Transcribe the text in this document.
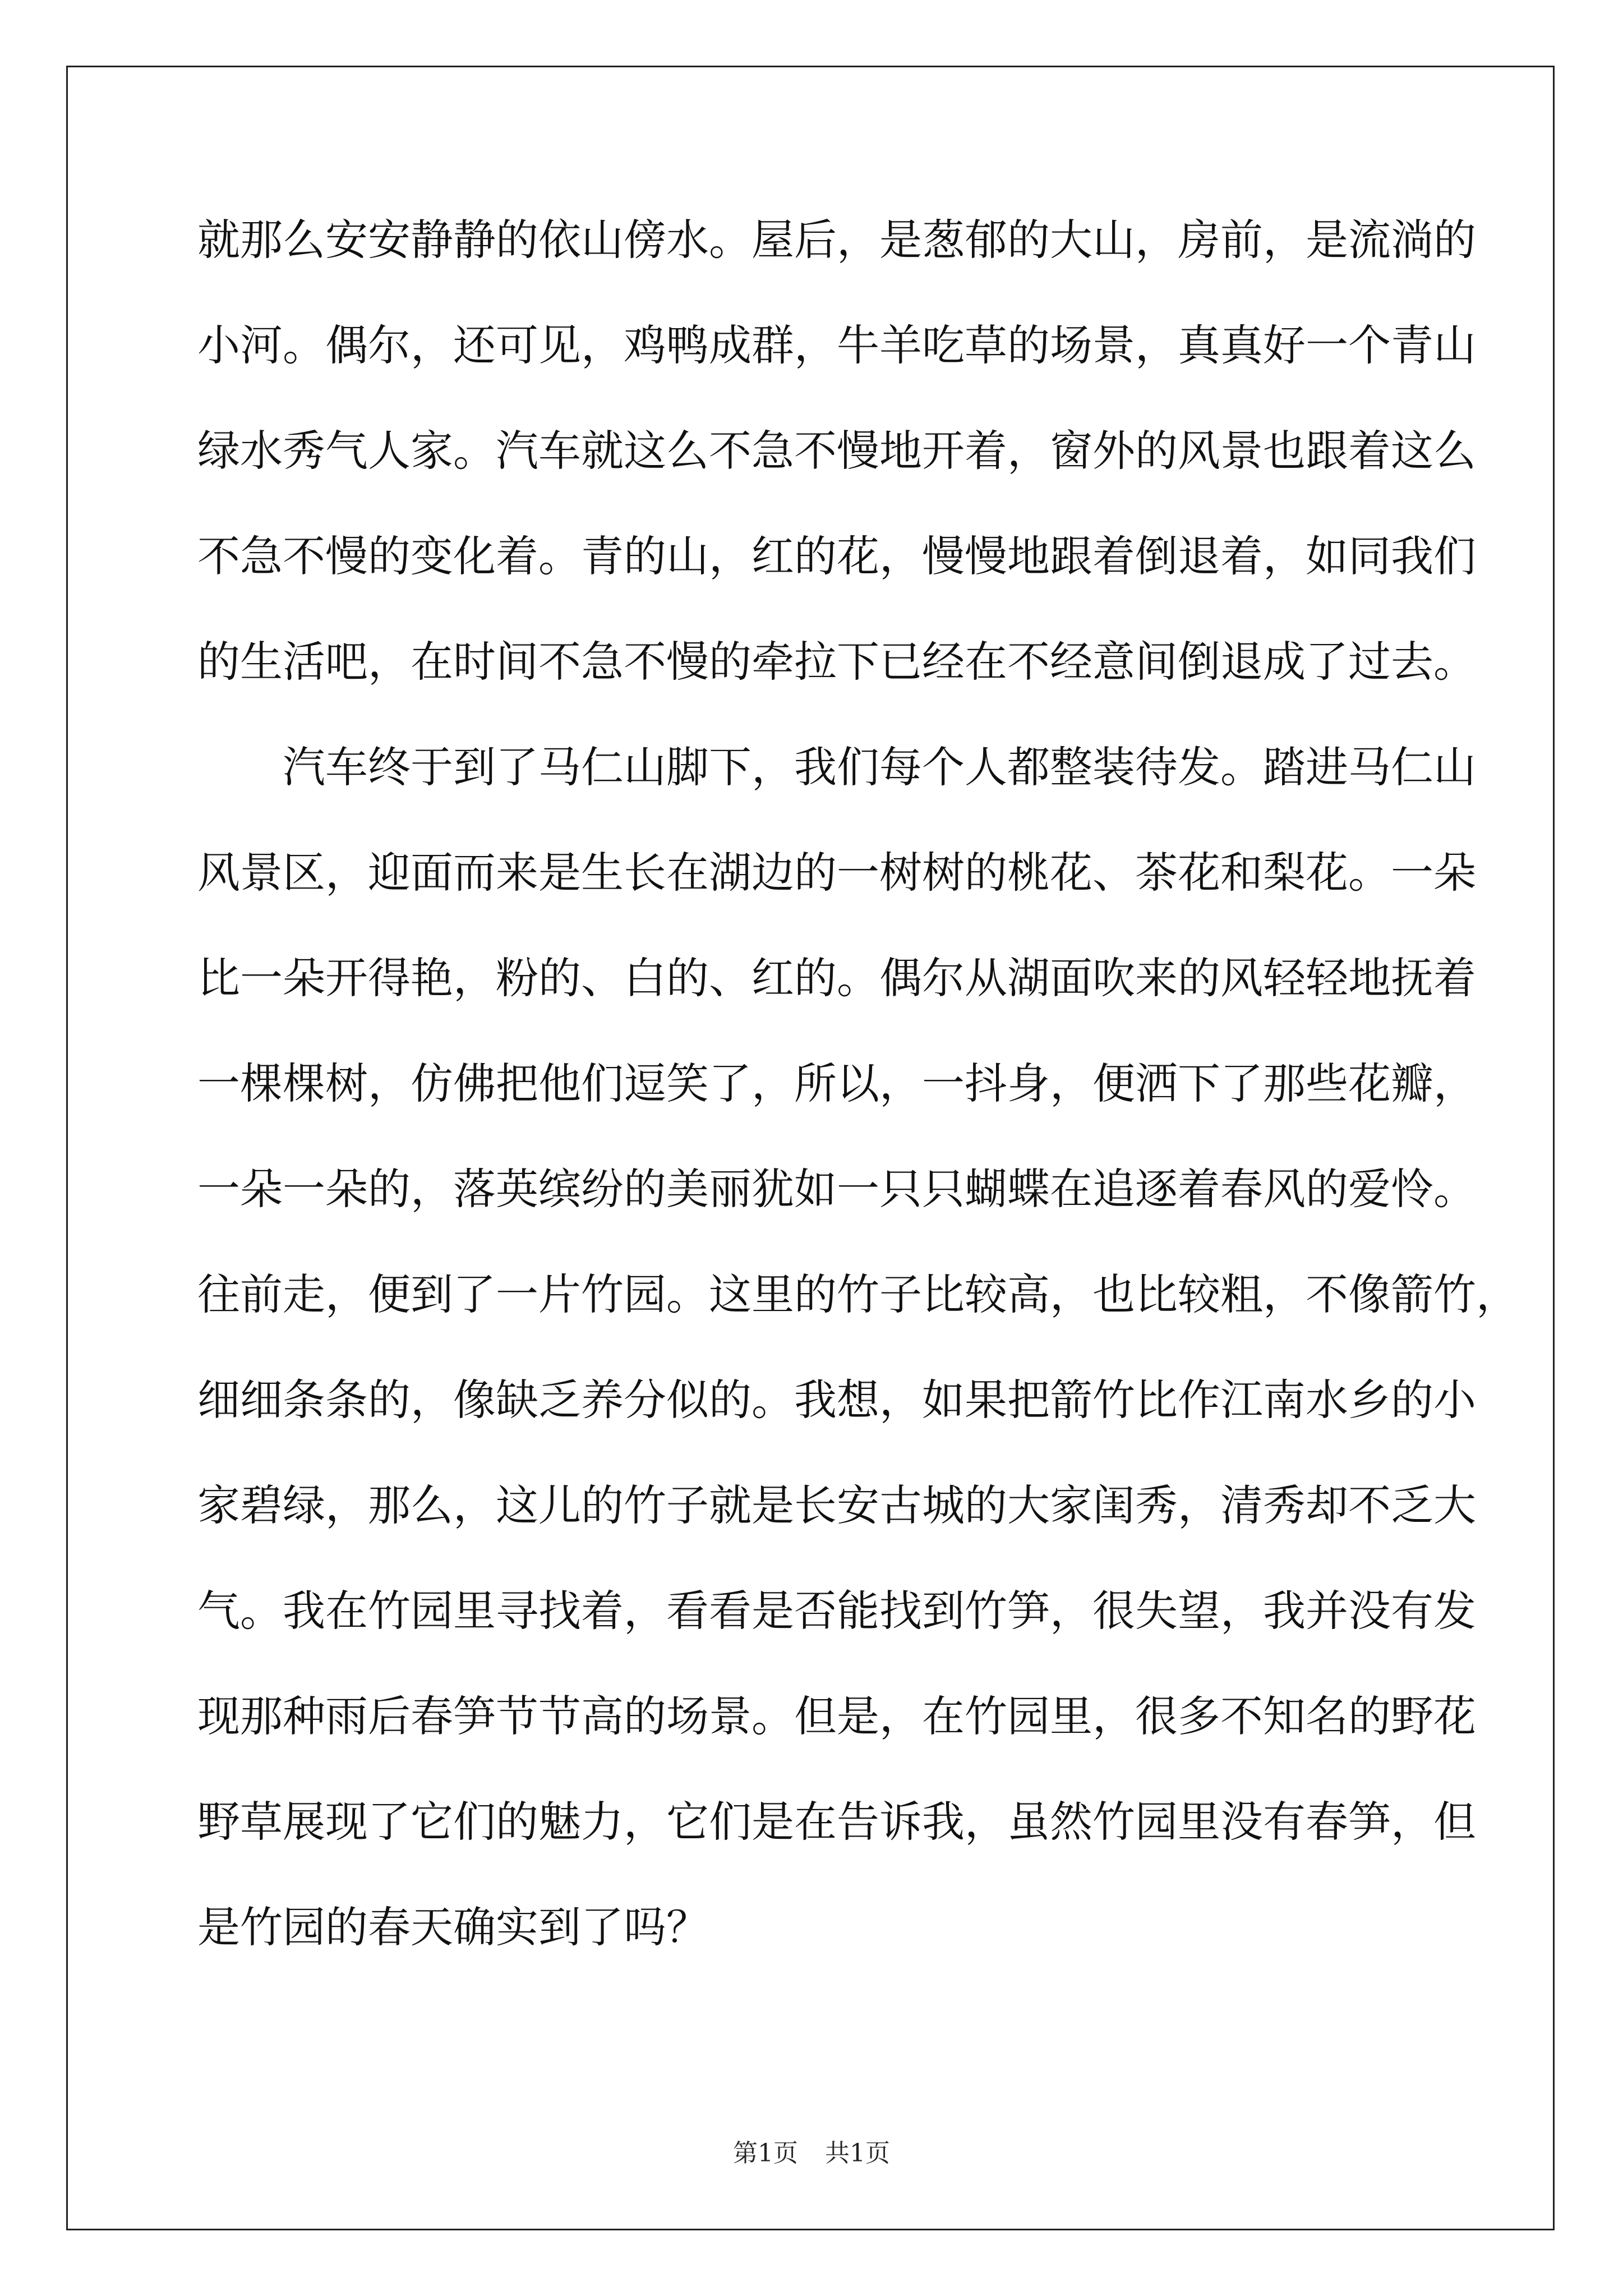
就那么安安静静的依山傍水。屋后，是葱郁的大山，房前，是流淌的
小河。偶尔，还可见，鸡鸭成群，牛羊吃草的场景，真真好一个青山
绿水秀气人家。汽车就这么不急不慢地开着，窗外的风景也跟着这么
不急不慢的变化着。青的山，红的花，慢慢地跟着倒退着，如同我们
的生活吧，在时间不急不慢的牵拉下已经在不经意间倒退成了过去。
汽车终于到了马仁山脚下，我们每个人都整装待发。踏进马仁山
风景区，迎面而来是生长在湖边的一树树的桃花、茶花和梨花。一朵
比一朵开得艳，粉的、白的、红的。偶尔从湖面吹来的风轻轻地抚着
一棵棵树，仿佛把他们逗笑了，所以，一抖身，便洒下了那些花瓣，
一朵一朵的，落英缤纷的美丽犹如一只只蝴蝶在追逐着春风的爱怜。
往前走，便到了一片竹园。这里的竹子比较高，也比较粗，不像箭竹，
细细条条的，像缺乏养分似的。我想，如果把箭竹比作江南水乡的小
家碧绿，那么，这儿的竹子就是长安古城的大家闺秀，清秀却不乏大
气。我在竹园里寻找着，看看是否能找到竹笋，很失望，我并没有发
现那种雨后春笋节节高的场景。但是，在竹园里，很多不知名的野花
野草展现了它们的魅力，它们是在告诉我，虽然竹园里没有春笋，但
是竹园的春天确实到了吗？
第1页 共1页
